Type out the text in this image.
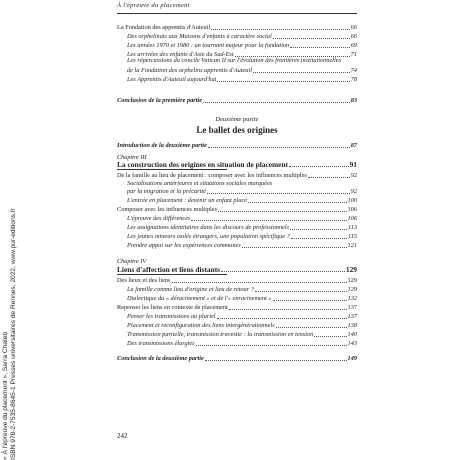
À l'épreuve du placement
La Fondation des apprentis d'Auteuil	66
Des orphelinats aux Maisons d'enfants à caractère social	66
Les années 1970 et 1980 : un tournant majeur pour la fondation	69
Les arrivées des enfants d'Asie du Sud-Est	71
Les répercussions du concile Vatican II sur l'évolution des frontières institutionnelles
de la Fondation des orphelins apprentis d'Auteuil	74
Les Apprentis d'Auteuil aujourd'hui	78
Conclusion de la première partie	83
Deuxième partie
Le ballet des origines
Introduction de la deuxième partie	87
Chapitre III
La construction des origines en situation de placement	91
De la famille au lieu de placement : composer avec les influences multiples	92
Socialisations antérieures et situations sociales marquées
par la migration et la précarité	92
L'entrée en placement : devenir un enfant placé	100
Composer avec les influences multiples	106
L'épreuve des différences	106
Les assignations identitaires dans les discours de professionnels	113
Les jeunes mineurs isolés étrangers, une population spécifique ?	115
Prendre appui sur les expériences communes	121
Chapitre IV
Liens d'affection et liens distants	129
Des lieux et des liens	129
La famille comme lieu d'origine et lieu de retour ?	129
Dialectique du « déracinement » et de l'« enracinement »	132
Repenser les liens en contexte de placement	137
Penser les transmissions au pluriel	137
Placement et reconfiguration des liens intergénérationnels	138
Transmission partielle, transmission travestie : la transmission en tension	140
Des transmissions élargies	143
Conclusion de la deuxième partie	149
242
« À l'épreuve du placement », Sarra Chaïeb ISBN 978-2-7535-8645-1 Presses universitaires de Rennes, 2022, www.pur-editions.fr
